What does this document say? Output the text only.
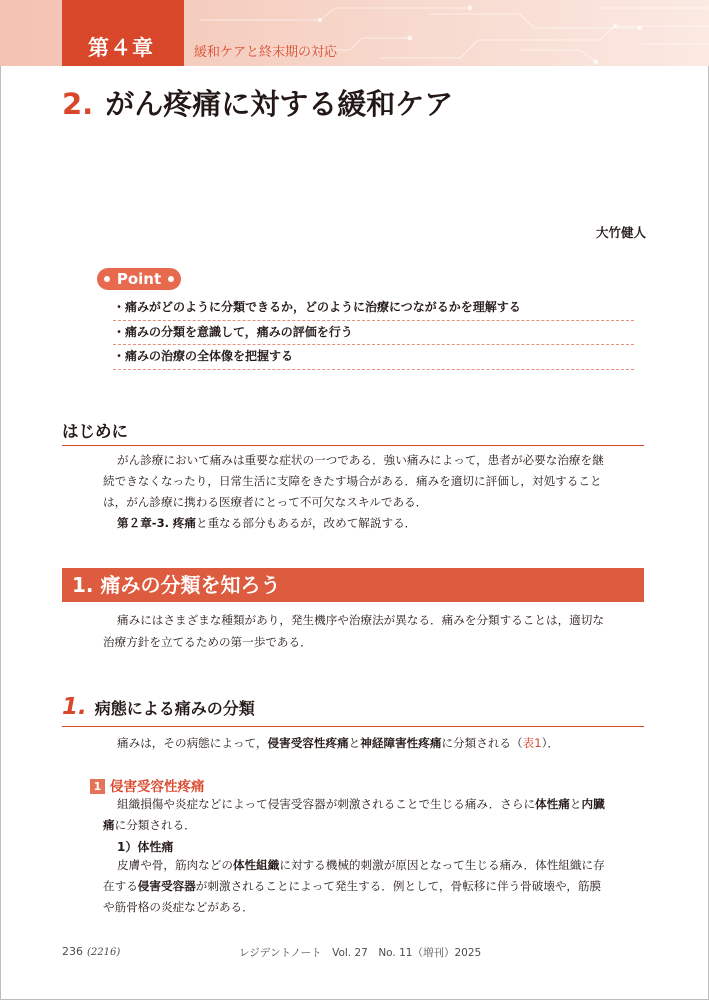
第４章	緩和ケアと終末期の対応
2. がん疼痛に対する緩和ケア
大竹健人
Point
・痛みがどのように分類できるか，どのように治療につながるかを理解する
・痛みの分類を意識して，痛みの評価を行う
・痛みの治療の全体像を把握する
はじめに
がん診療において痛みは重要な症状の一つである．強い痛みによって，患者が必要な治療を継
続できなくなったり，日常生活に支障をきたす場合がある．痛みを適切に評価し，対処すること
は，がん診療に携わる医療者にとって不可欠なスキルである．
第２章-3. 疼痛と重なる部分もあるが，改めて解説する．
1. 痛みの分類を知ろう
痛みにはさまざまな種類があり，発生機序や治療法が異なる．痛みを分類することは，適切な
治療方針を立てるための第一歩である．
1. 病態による痛みの分類
痛みは，その病態によって，侵害受容性疼痛と神経障害性疼痛に分類される（表1）．
1 侵害受容性疼痛
組織損傷や炎症などによって侵害受容器が刺激されることで生じる痛み．さらに体性痛と内臓
痛に分類される．
1）体性痛
皮膚や骨，筋肉などの体性組織に対する機械的刺激が原因となって生じる痛み．体性組織に存
在する侵害受容器が刺激されることによって発生する．例として，骨転移に伴う骨破壊や，筋膜
や筋骨格の炎症などがある．
236 (2216)	レジデントノート　Vol. 27　No. 11（増刊）2025
